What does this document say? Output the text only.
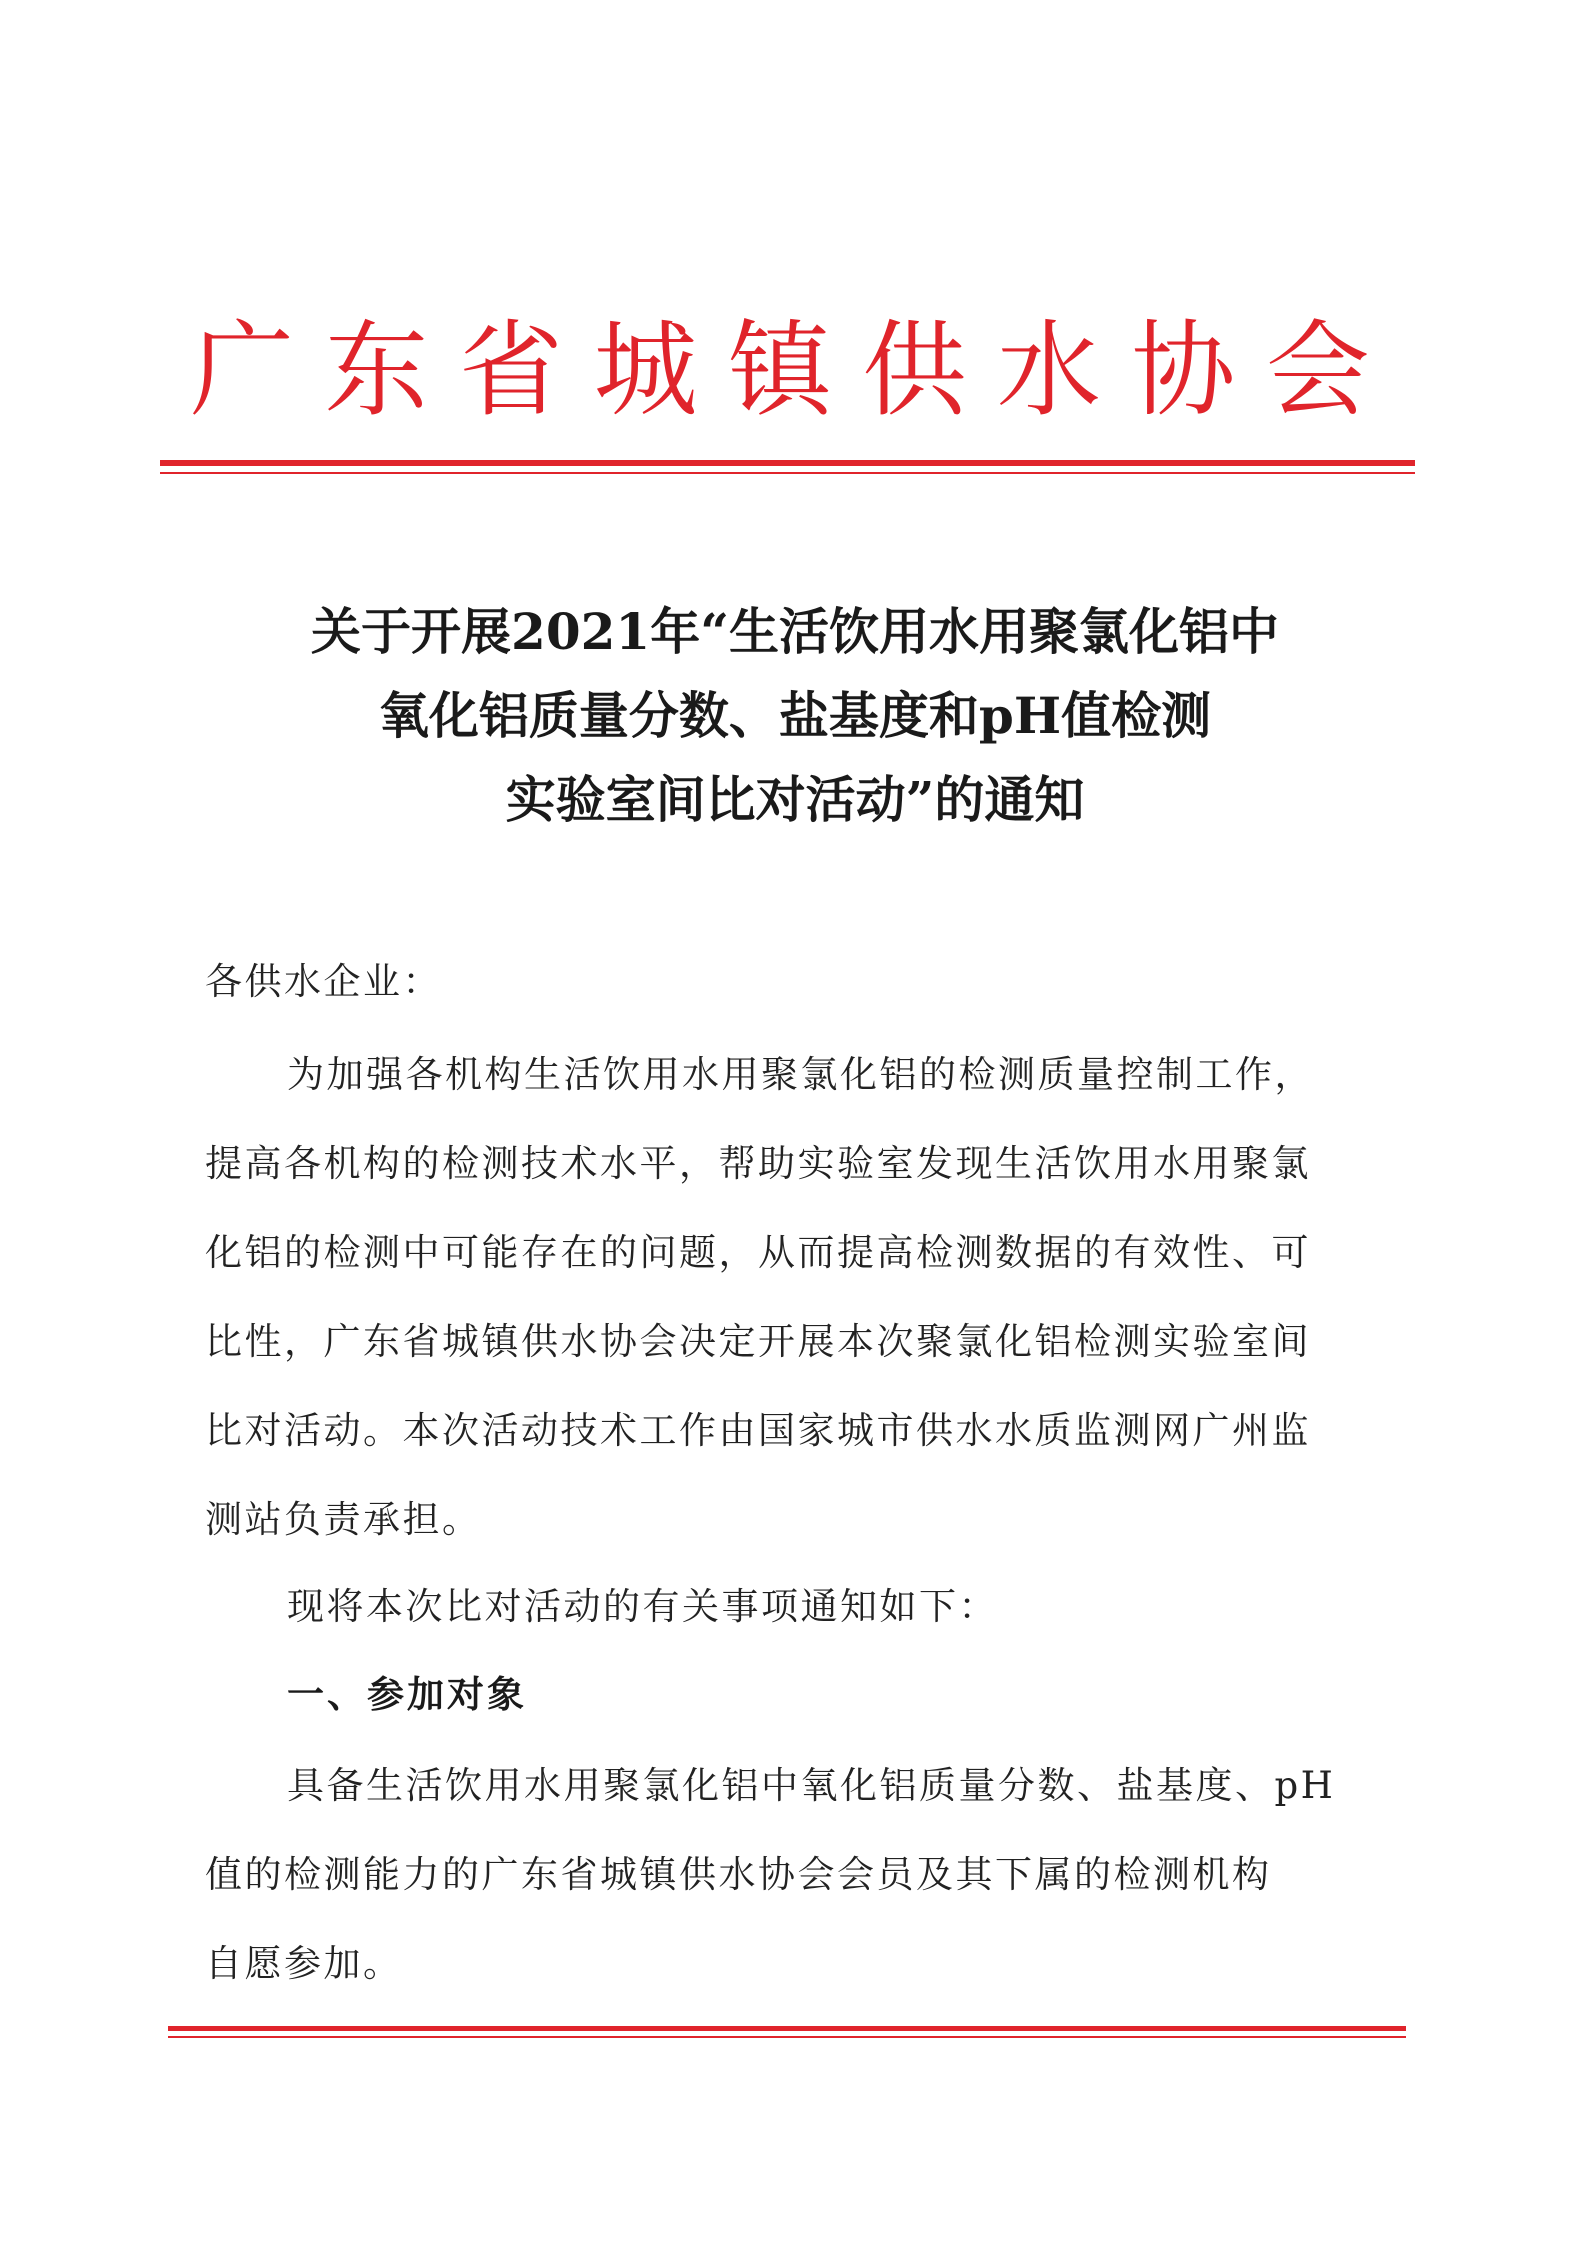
广 东 省 城 镇 供 水 协 会
关于开展2021年“生活饮用水用聚氯化铝中
氧化铝质量分数、盐基度和pH值检测
实验室间比对活动”的通知
各供水企业：
为加强各机构生活饮用水用聚氯化铝的检测质量控制工作，
提高各机构的检测技术水平，帮助实验室发现生活饮用水用聚氯
化铝的检测中可能存在的问题，从而提高检测数据的有效性、可
比性，广东省城镇供水协会决定开展本次聚氯化铝检测实验室间
比对活动。本次活动技术工作由国家城市供水水质监测网广州监
测站负责承担。
现将本次比对活动的有关事项通知如下：
一、参加对象
具备生活饮用水用聚氯化铝中氧化铝质量分数、盐基度、pH
值的检测能力的广东省城镇供水协会会员及其下属的检测机构
自愿参加。
